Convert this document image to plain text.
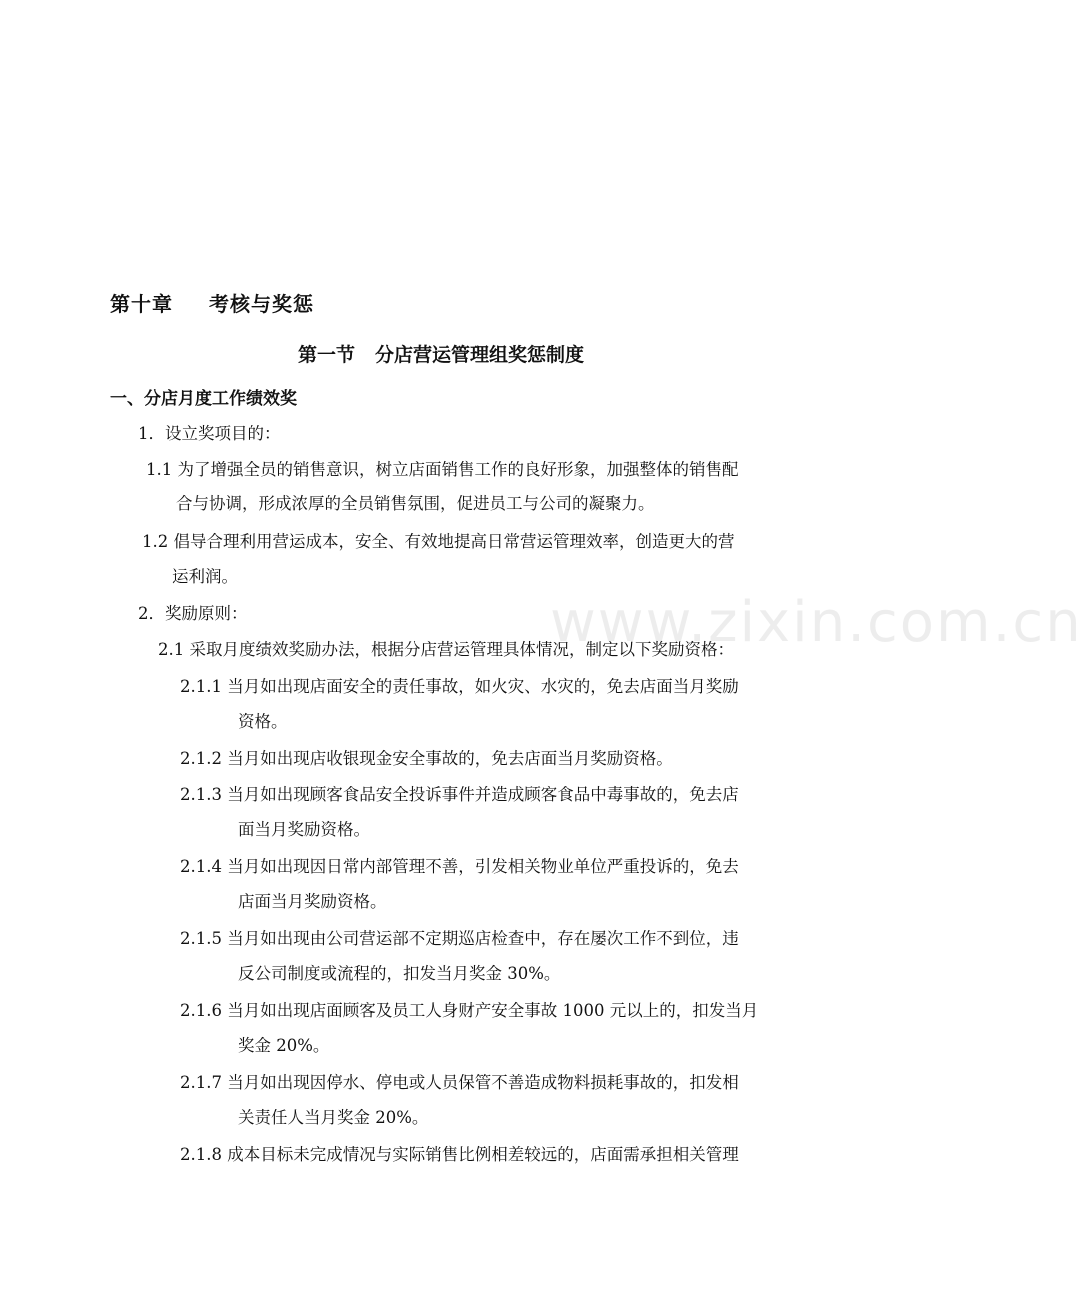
第十章 考核与奖惩
第一节 分店营运管理组奖惩制度
一、分店月度工作绩效奖
1．设立奖项目的：
1.1 为了增强全员的销售意识，树立店面销售工作的良好形象，加强整体的销售配
合与协调，形成浓厚的全员销售氛围，促进员工与公司的凝聚力。
1.2 倡导合理利用营运成本，安全、有效地提高日常营运管理效率，创造更大的营
运利润。
2．奖励原则：
2.1 采取月度绩效奖励办法，根据分店营运管理具体情况，制定以下奖励资格：
2.1.1 当月如出现店面安全的责任事故，如火灾、水灾的，免去店面当月奖励
资格。
2.1.2 当月如出现店收银现金安全事故的，免去店面当月奖励资格。
2.1.3 当月如出现顾客食品安全投诉事件并造成顾客食品中毒事故的，免去店
面当月奖励资格。
2.1.4 当月如出现因日常内部管理不善，引发相关物业单位严重投诉的，免去
店面当月奖励资格。
2.1.5 当月如出现由公司营运部不定期巡店检查中，存在屡次工作不到位，违
反公司制度或流程的，扣发当月奖金 30%。
2.1.6 当月如出现店面顾客及员工人身财产安全事故 1000 元以上的，扣发当月
奖金 20%。
2.1.7 当月如出现因停水、停电或人员保管不善造成物料损耗事故的，扣发相
关责任人当月奖金 20%。
2.1.8 成本目标未完成情况与实际销售比例相差较远的，店面需承担相关管理
www.zixin.com.cn
